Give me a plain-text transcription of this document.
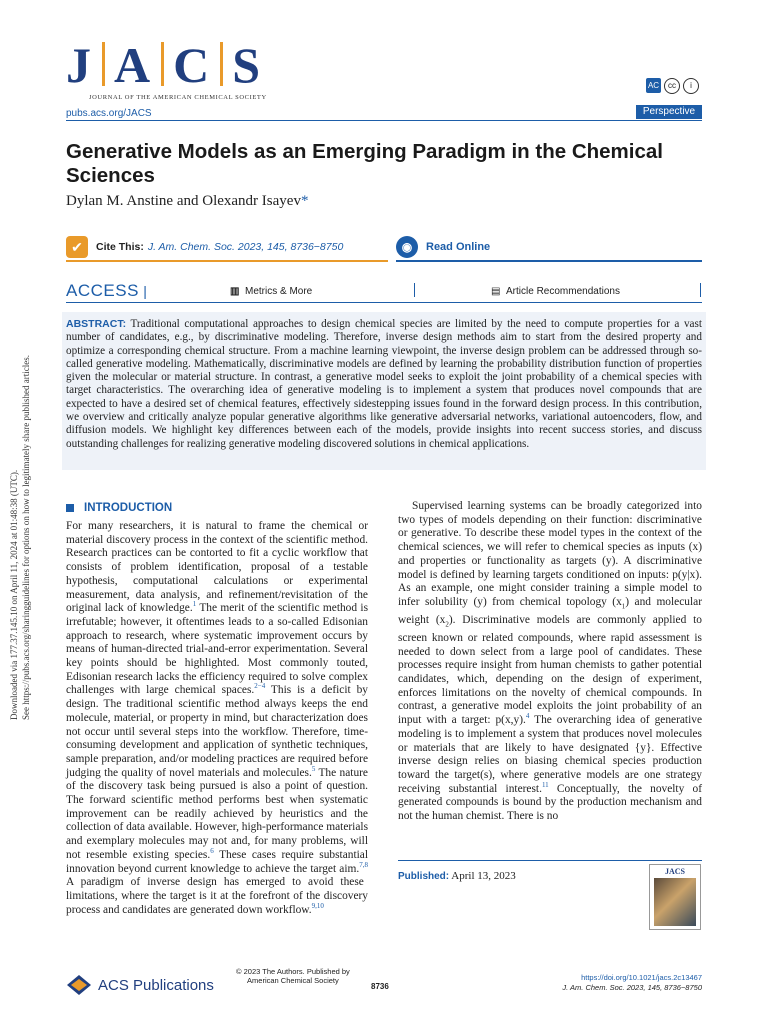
J A C S
JOURNAL OF THE AMERICAN CHEMICAL SOCIETY
AC	cc	i
pubs.acs.org/JACS	Perspective
Generative Models as an Emerging Paradigm in the Chemical Sciences
Dylan M. Anstine and Olexandr Isayev*
✔	Cite This: J. Am. Chem. Soc. 2023, 145, 8736−8750	◉	Read Online
ACCESS |	▥ Metrics & More	▤ Article Recommendations
ABSTRACT: Traditional computational approaches to design chemical species are limited by the need to compute properties for a vast number of candidates, e.g., by discriminative modeling. Therefore, inverse design methods aim to start from the desired property and optimize a corresponding chemical structure. From a machine learning viewpoint, the inverse design problem can be addressed through so-called generative modeling. Mathematically, discriminative models are defined by learning the probability distribution function of properties given the molecular or material structure. In contrast, a generative model seeks to exploit the joint probability of a chemical species with target characteristics. The overarching idea of generative modeling is to implement a system that produces novel compounds that are expected to have a desired set of chemical features, effectively sidestepping issues found in the forward design process. In this contribution, we overview and critically analyze popular generative algorithms like generative adversarial networks, variational autoencoders, flow, and diffusion models. We highlight key differences between each of the models, provide insights into recent success stories, and discuss outstanding challenges for realizing generative modeling discovered solutions in chemical applications.
Downloaded via 177.37.145.10 on April 11, 2024 at 01:48:38 (UTC). See https://pubs.acs.org/sharingguidelines for options on how to legitimately share published articles.	INTRODUCTION
For many researchers, it is natural to frame the chemical or material discovery process in the context of the scientific method. Research practices can be contorted to fit a cyclic workflow that consists of problem identification, proposal of a testable hypothesis, computational calculations or experimental measurement, data analysis, and refinement/revisitation of the original lack of knowledge.$^1$ The merit of the scientific method is irrefutable; however, it oftentimes leads to a so-called Edisonian approach to research, where systematic improvement occurs by means of human-directed trial-and-error experimentation. Several key points should be highlighted. Most commonly touted, Edisonian research lacks the efficiency required to solve complex challenges with large chemical spaces.$^{2-4}$ This is a deficit by design. The traditional scientific method always keeps the end molecule, material, or property in mind, but characterization does not occur until several steps into the workflow. Therefore, time-consuming development and application of synthetic techniques, sample preparation, and/or modeling practices are required before judging the quality of novel materials and molecules.$^5$ The nature of the discovery task being pursued is also a point of question. The forward scientific method performs best when systematic improvement can be readily achieved by heuristics and the collection of data available. However, high-performance materials and exemplary molecules may not and, for many problems, will not resemble existing species.$^6$ These cases require substantial innovation beyond current knowledge to achieve the target aim.$^{7,8}$ A paradigm of inverse design has emerged to avoid these limitations, where the target is it at the forefront of the discovery process and candidates are generated down workflow.$^{9,10}$
Supervised learning systems can be broadly categorized into two types of models depending on their function: discriminative or generative. To describe these model types in the context of the chemical sciences, we will refer to chemical species as inputs (x) and properties or functionality as targets (y). A discriminative model is defined by learning targets conditioned on inputs: p(y|x). As an example, one might consider training a simple model to infer solubility (y) from chemical topology $(x_1)$ and molecular weight $(x_2)$. Discriminative models are commonly applied to screen known or related compounds, where rapid assessment is needed to down select from a large pool of candidates. These processes require insight from human chemists to gather potential candidates, which, depending on the design of experiment, enforces limitations on the novelty of chemical compounds. In contrast, a generative model exploits the joint probability of an input with a target: p(x,y).$^4$ The overarching idea of generative modeling is to implement a system that produces novel molecules or materials that are likely to have designated {y}. Effective inverse design relies on biasing chemical species production toward the target(s), where generative models are one strategy receiving substantial interest.$^{11}$ Conceptually, the novelty of generated compounds is bound by the production mechanism and not the human chemist. There is no
Published: April 13, 2023	JACS
ACS Publications
© 2023 The Authors. Published by
American Chemical Society
8736
https://doi.org/10.1021/jacs.2c13467
J. Am. Chem. Soc. 2023, 145, 8736−8750
